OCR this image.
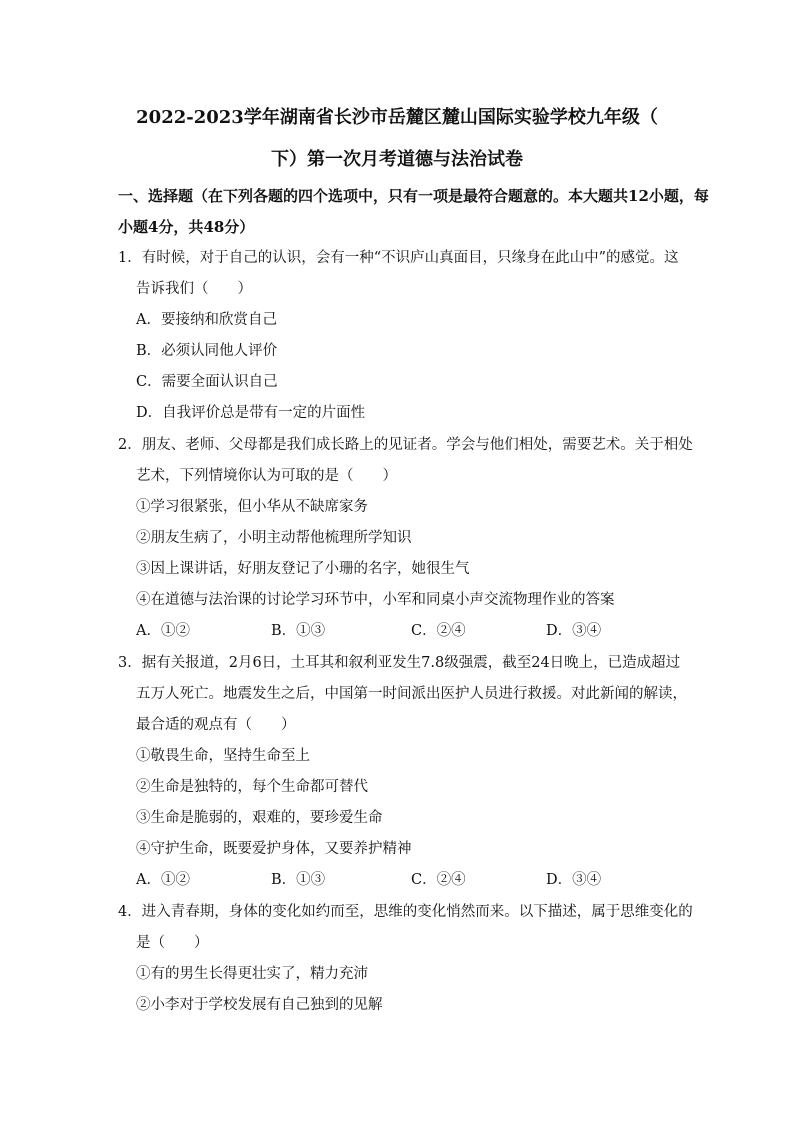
2022-2023学年湖南省长沙市岳麓区麓山国际实验学校九年级（
下）第一次月考道德与法治试卷
一、选择题（在下列各题的四个选项中，只有一项是最符合题意的。本大题共12小题，每
小题4分，共48分）
1．有时候，对于自己的认识，会有一种“不识庐山真面目，只缘身在此山中”的感觉。这
告诉我们（　　）
A．要接纳和欣赏自己
B．必须认同他人评价
C．需要全面认识自己
D．自我评价总是带有一定的片面性
2．朋友、老师、父母都是我们成长路上的见证者。学会与他们相处，需要艺术。关于相处
艺术，下列情境你认为可取的是（　　）
①学习很紧张，但小华从不缺席家务
②朋友生病了，小明主动帮他梳理所学知识
③因上课讲话，好朋友登记了小珊的名字，她很生气
④在道德与法治课的讨论学习环节中，小军和同桌小声交流物理作业的答案
A．①②	B．①③	C．②④	D．③④
3．据有关报道，2月6日，土耳其和叙利亚发生7.8级强震，截至24日晚上，已造成超过
五万人死亡。地震发生之后，中国第一时间派出医护人员进行救援。对此新闻的解读，
最合适的观点有（　　）
①敬畏生命，坚持生命至上
②生命是独特的，每个生命都可替代
③生命是脆弱的，艰难的，要珍爱生命
④守护生命，既要爱护身体，又要养护精神
A．①②	B．①③	C．②④	D．③④
4．进入青春期，身体的变化如约而至，思维的变化悄然而来。以下描述，属于思维变化的
是（　　）
①有的男生长得更壮实了，精力充沛
②小李对于学校发展有自己独到的见解
